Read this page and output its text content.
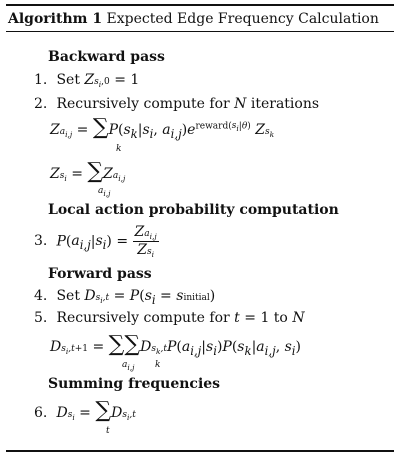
Algorithm 1 Expected Edge Frequency Calculation
Backward pass
1. Set $Zs_i,0 = 1$
2. Recursively compute for N iterations
$Za_{i,j} = \sum P(s_k|s_i$, $a_{i,j})e^{reward(s_i|\theta)}$ $Zs_k$
k
$Zs_i = \sum Za_{i,j}$
$a_{i,j}$
Local action probability computation
3. $P(a_{i,j}|s_i) = \frac{Za_{i,j}}{Zs_i}$
Forward pass
4. Set $Ds_i,t = P(s_i$ = sinitial)
5. Recursively compute for t = 1 to N
$Ds_i,t+1 = \sum\sum Ds_k,tP(a_{i,j}|s_i)P(s_k|a_{i,j}$, $s_i$)
$a_{i,j}$ k
Summing frequencies
6. $Ds_i = \sum Ds_i,t$
t
